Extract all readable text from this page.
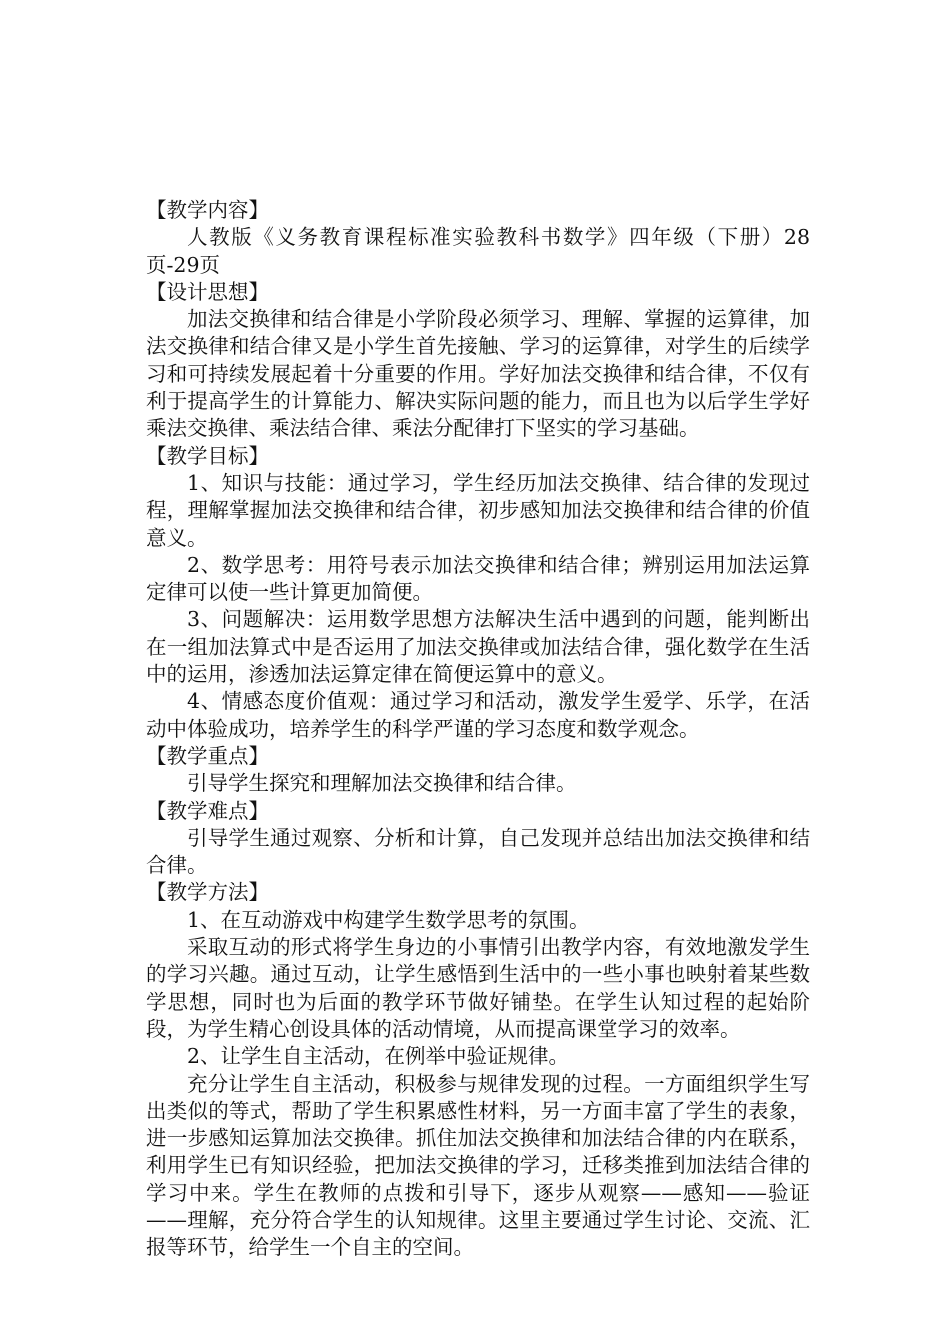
【教学内容】

人教版《义务教育课程标准实验教科书数学》四年级（下册）28页-29页

【设计思想】

加法交换律和结合律是小学阶段必须学习、理解、掌握的运算律，加法交换律和结合律又是小学生首先接触、学习的运算律，对学生的后续学习和可持续发展起着十分重要的作用。学好加法交换律和结合律，不仅有利于提高学生的计算能力、解决实际问题的能力，而且也为以后学生学好乘法交换律、乘法结合律、乘法分配律打下坚实的学习基础。

【教学目标】

1、知识与技能：通过学习，学生经历加法交换律、结合律的发现过程，理解掌握加法交换律和结合律，初步感知加法交换律和结合律的价值意义。

2、数学思考：用符号表示加法交换律和结合律；辨别运用加法运算定律可以使一些计算更加简便。

3、问题解决：运用数学思想方法解决生活中遇到的问题，能判断出在一组加法算式中是否运用了加法交换律或加法结合律，强化数学在生活中的运用，渗透加法运算定律在简便运算中的意义。

4、情感态度价值观：通过学习和活动，激发学生爱学、乐学，在活动中体验成功，培养学生的科学严谨的学习态度和数学观念。

【教学重点】

引导学生探究和理解加法交换律和结合律。

【教学难点】

引导学生通过观察、分析和计算，自己发现并总结出加法交换律和结合律。

【教学方法】

1、在互动游戏中构建学生数学思考的氛围。

采取互动的形式将学生身边的小事情引出教学内容，有效地激发学生的学习兴趣。通过互动，让学生感悟到生活中的一些小事也映射着某些数学思想，同时也为后面的教学环节做好铺垫。在学生认知过程的起始阶段，为学生精心创设具体的活动情境，从而提高课堂学习的效率。

2、让学生自主活动，在例举中验证规律。

充分让学生自主活动，积极参与规律发现的过程。一方面组织学生写出类似的等式，帮助了学生积累感性材料，另一方面丰富了学生的表象，进一步感知运算加法交换律。抓住加法交换律和加法结合律的内在联系，利用学生已有知识经验，把加法交换律的学习，迁移类推到加法结合律的学习中来。学生在教师的点拨和引导下，逐步从观察——感知——验证——理解，充分符合学生的认知规律。这里主要通过学生讨论、交流、汇报等环节，给学生一个自主的空间。
